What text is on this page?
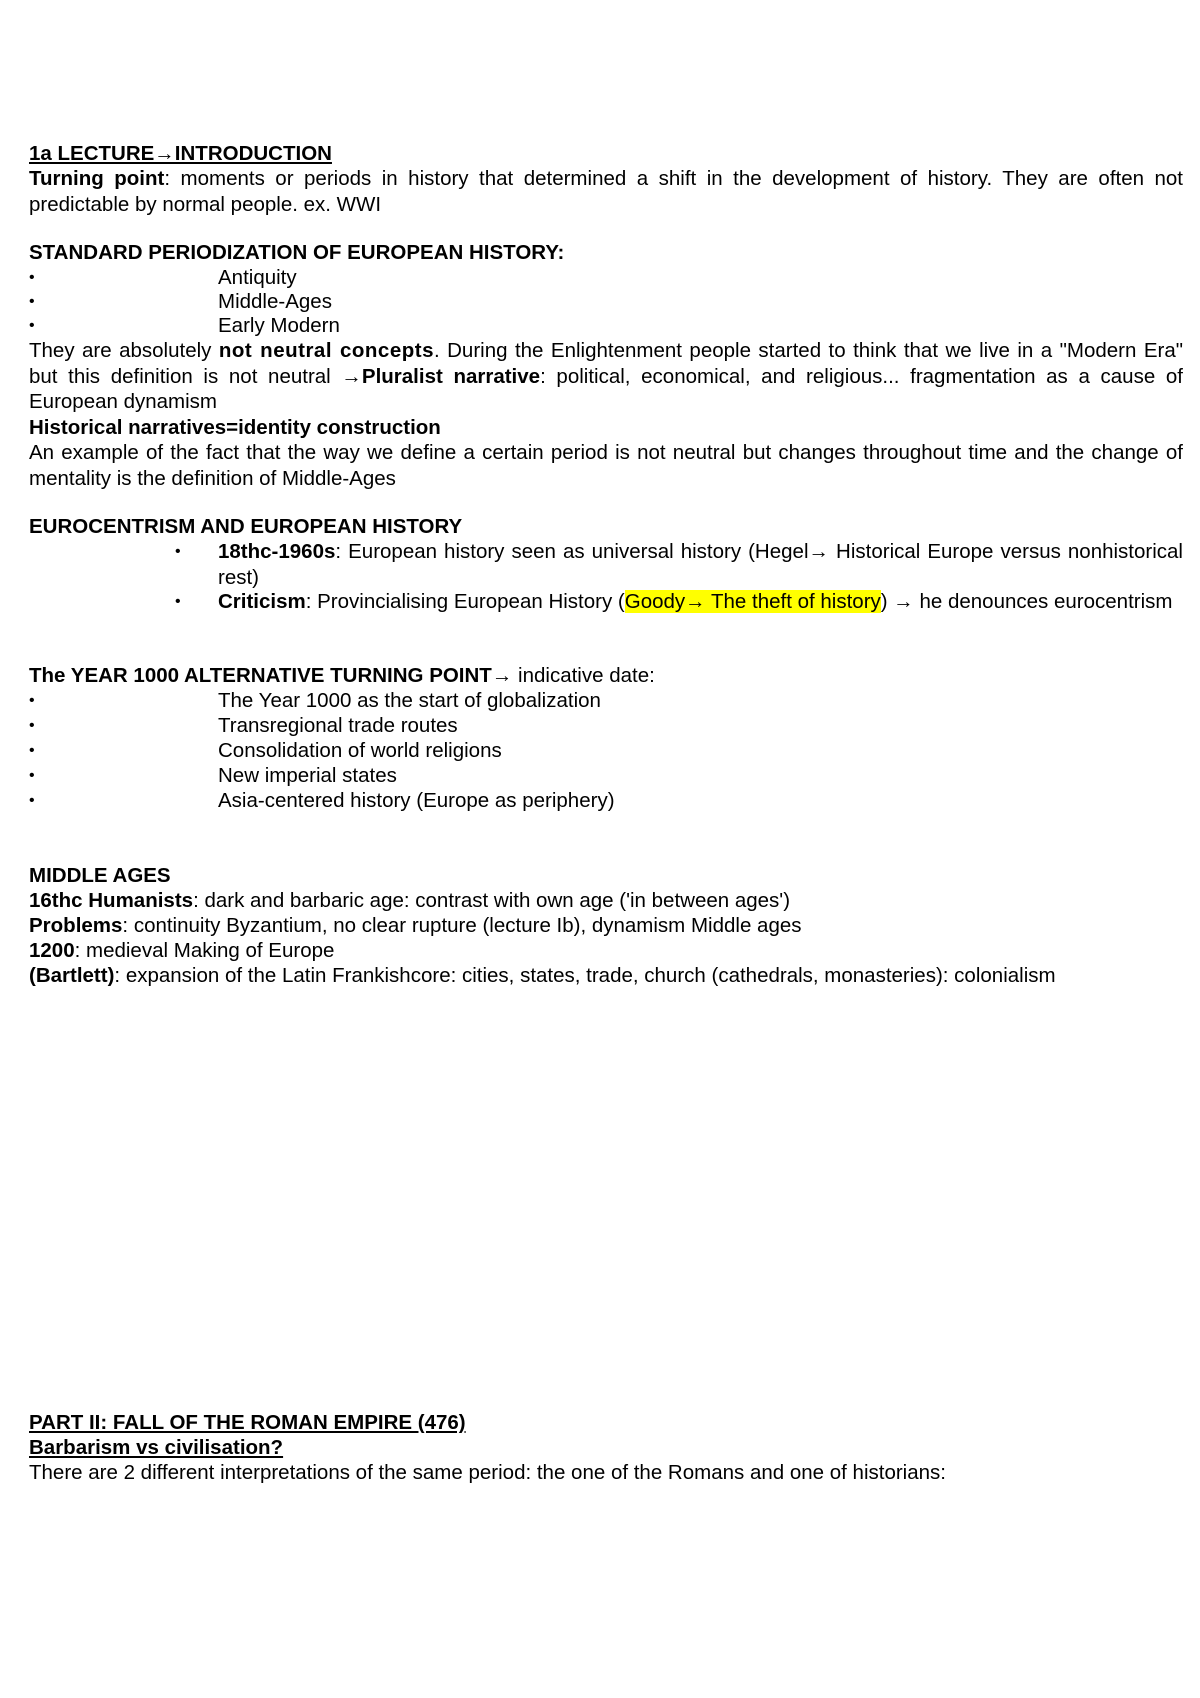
1a LECTURE→INTRODUCTION
Turning point: moments or periods in history that determined a shift in the development of history. They are often not predictable by normal people. ex. WWI
STANDARD PERIODIZATION OF EUROPEAN HISTORY:
•	Antiquity
•	Middle-Ages
•	Early Modern
They are absolutely not neutral concepts. During the Enlightenment people started to think that we live in a "Modern Era" but this definition is not neutral →Pluralist narrative: political, economical, and religious... fragmentation as a cause of European dynamism
Historical narratives=identity construction
An example of the fact that the way we define a certain period is not neutral but changes throughout time and the change of mentality is the definition of Middle-Ages
EUROCENTRISM AND EUROPEAN HISTORY
• 18thc-1960s: European history seen as universal history (Hegel→ Historical Europe versus nonhistorical rest)
• Criticism: Provincialising European History (Goody→ The theft of history) → he denounces eurocentrism
The YEAR 1000 ALTERNATIVE TURNING POINT→ indicative date:
•	The Year 1000 as the start of globalization
•	Transregional trade routes
•	Consolidation of world religions
•	New imperial states
•	Asia-centered history (Europe as periphery)
MIDDLE AGES
16thc Humanists: dark and barbaric age: contrast with own age ('in between ages')
Problems: continuity Byzantium, no clear rupture (lecture Ib), dynamism Middle ages
1200: medieval Making of Europe
(Bartlett): expansion of the Latin Frankishcore: cities, states, trade, church (cathedrals, monasteries): colonialism
PART II: FALL OF THE ROMAN EMPIRE (476)
Barbarism vs civilisation?
There are 2 different interpretations of the same period: the one of the Romans and one of historians:
